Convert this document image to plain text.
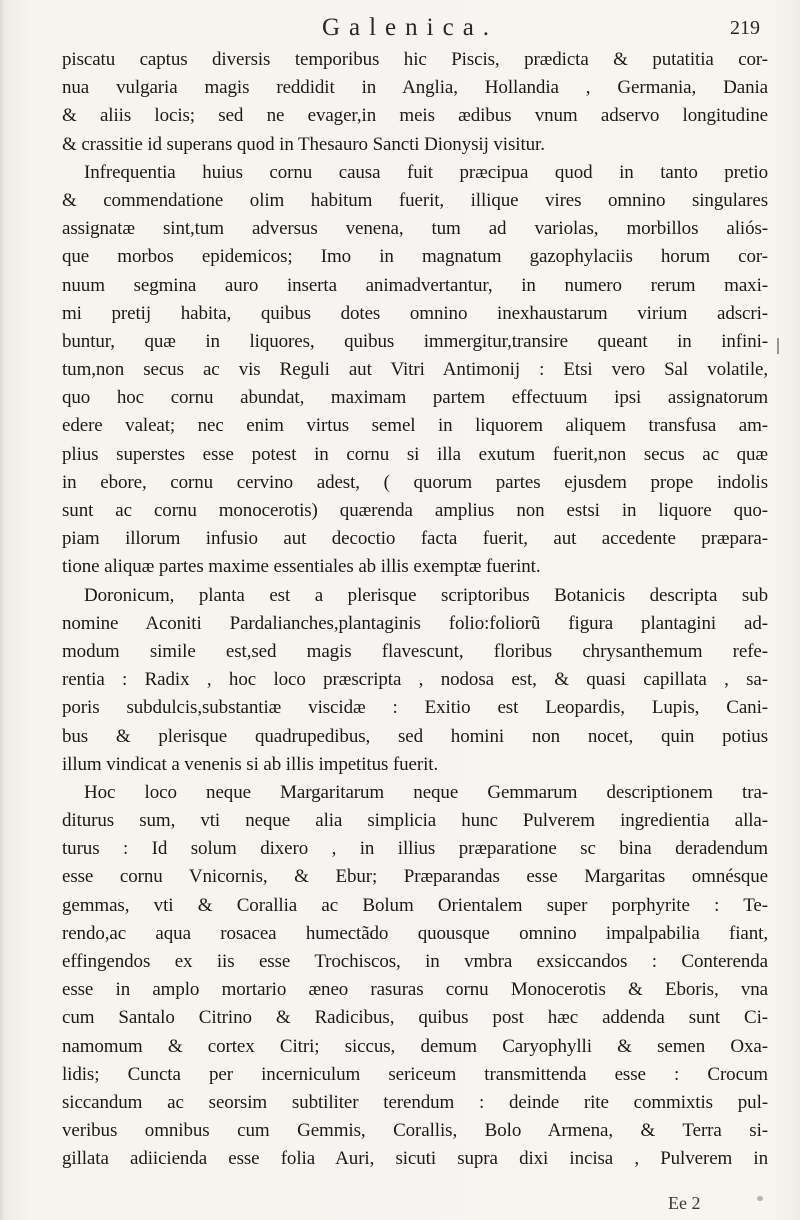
Galenica.	219
piscatu captus diversis temporibus hic Piscis, prædicta & putatitia cor-
nua vulgaria magis reddidit in Anglia, Hollandia , Germania, Dania
& aliis locis; sed ne evager,in meis ædibus vnum adservo longitudine
& crassitie id superans quod in Thesauro Sancti Dionysij visitur.
Infrequentia huius cornu causa fuit præcipua quod in tanto pretio
& commendatione olim habitum fuerit, illique vires omnino singulares
assignatæ sint,tum adversus venena, tum ad variolas, morbillos aliós-
que morbos epidemicos; Imo in magnatum gazophylaciis horum cor-
nuum segmina auro inserta animadvertantur, in numero rerum maxi-
mi pretij habita, quibus dotes omnino inexhaustarum virium adscri-
buntur, quæ in liquores, quibus immergitur,transire queant in infini-
tum,non secus ac vis Reguli aut Vitri Antimonij : Etsi vero Sal volatile,
quo hoc cornu abundat, maximam partem effectuum ipsi assignatorum
edere valeat; nec enim virtus semel in liquorem aliquem transfusa am-
plius superstes esse potest in cornu si illa exutum fuerit,non secus ac quæ
in ebore, cornu cervino adest, ( quorum partes ejusdem prope indolis
sunt ac cornu monocerotis) quærenda amplius non estsi in liquore quo-
piam illorum infusio aut decoctio facta fuerit, aut accedente præpara-
tione aliquæ partes maxime essentiales ab illis exemptæ fuerint.
Doronicum, planta est a plerisque scriptoribus Botanicis descripta sub
nomine Aconiti Pardalianches,plantaginis folio:foliorũ figura plantagini ad-
modum simile est,sed magis flavescunt, floribus chrysanthemum refe-
rentia : Radix , hoc loco præscripta , nodosa est, & quasi capillata , sa-
poris subdulcis,substantiæ viscidæ : Exitio est Leopardis, Lupis, Cani-
bus & plerisque quadrupedibus, sed homini non nocet, quin potius
illum vindicat a venenis si ab illis impetitus fuerit.
Hoc loco neque Margaritarum neque Gemmarum descriptionem tra-
diturus sum, vti neque alia simplicia hunc Pulverem ingredientia alla-
turus : Id solum dixero , in illius præparatione sc bina deradendum
esse cornu Vnicornis, & Ebur; Præparandas esse Margaritas omnésque
gemmas, vti & Corallia ac Bolum Orientalem super porphyrite : Te-
rendo,ac aqua rosacea humectãdo quousque omnino impalpabilia fiant,
effingendos ex iis esse Trochiscos, in vmbra exsiccandos : Conterenda
esse in amplo mortario æneo rasuras cornu Monocerotis & Eboris, vna
cum Santalo Citrino & Radicibus, quibus post hæc addenda sunt Ci-
namomum & cortex Citri; siccus, demum Caryophylli & semen Oxa-
lidis; Cuncta per incerniculum sericeum transmittenda esse : Crocum
siccandum ac seorsim subtiliter terendum : deinde rite commixtis pul-
veribus omnibus cum Gemmis, Corallis, Bolo Armena, & Terra si-
gillata adiicienda esse folia Auri, sicuti supra dixi incisa , Pulverem in
Ee 2
